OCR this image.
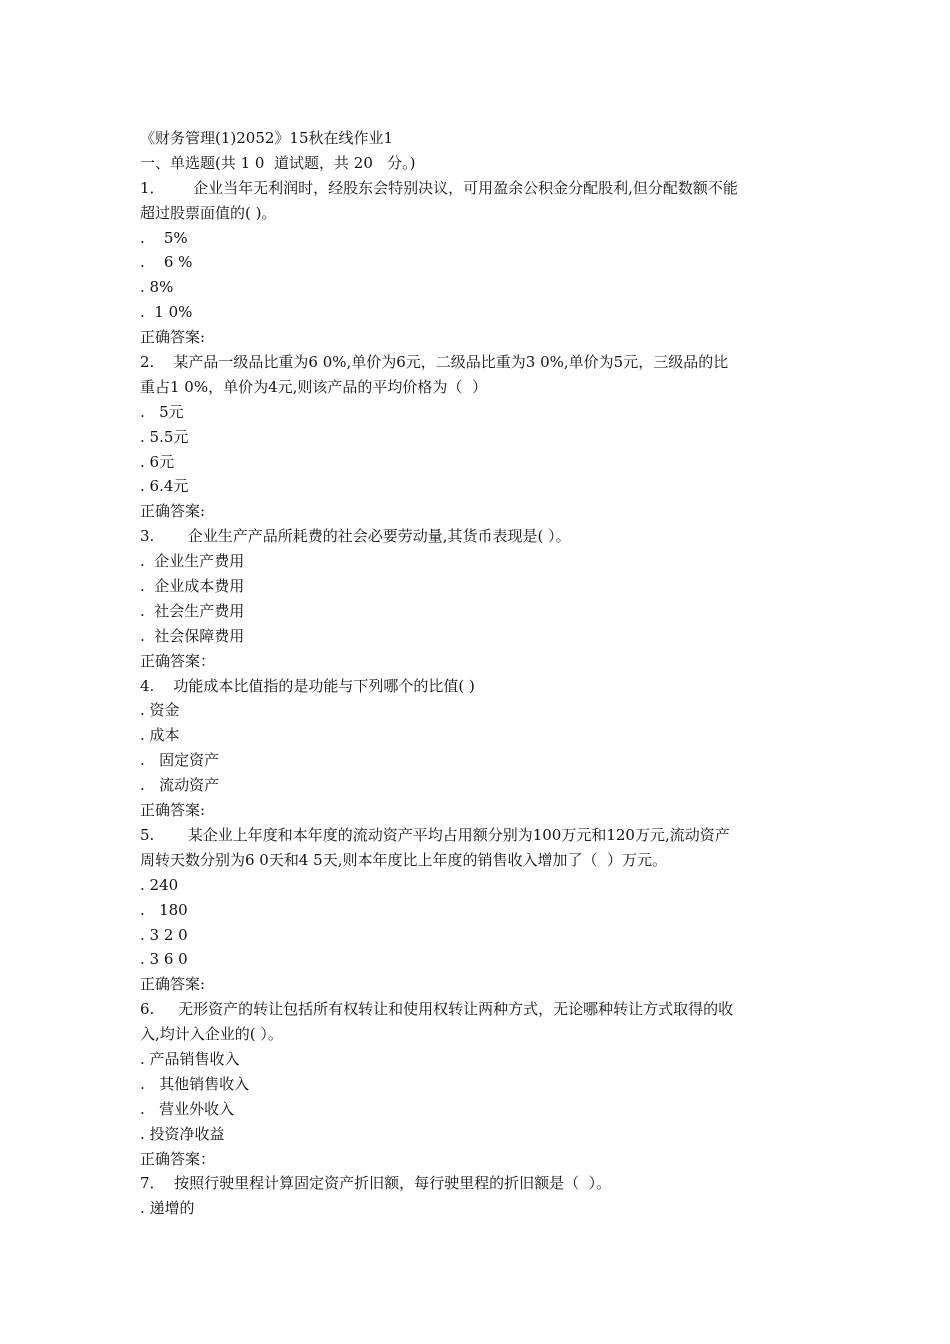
《财务管理(1)2052》15秋在线作业1
一、单选题(共 1 0  道试题，共 20   分。)
1．      企业当年无利润时，经股东会特别决议，可用盈余公积金分配股利,但分配数额不能
超过股票面值的( )。
.    5%
.    6 %
. 8%
.  1 0%
正确答案:
2.    某产品一级品比重为6 0%,单价为6元，二级品比重为3 0%,单价为5元，三级品的比
重占1 0%，单价为4元,则该产品的平均价格为（  ）
.   5元
. 5.5元
. 6元
. 6.4元
正确答案:
3.       企业生产产品所耗费的社会必要劳动量,其货币表现是( ）。
.  企业生产费用
.  企业成本费用
.  社会生产费用
.  社会保障费用
正确答案：
4.    功能成本比值指的是功能与下列哪个的比值( )
. 资金
. 成本
.   固定资产
.   流动资产
正确答案:
5.       某企业上年度和本年度的流动资产平均占用额分别为100万元和120万元,流动资产
周转天数分别为6 0天和4 5天,则本年度比上年度的销售收入增加了（  ）万元。
. 240
.   180
. 3 2 0
. 3 6 0
正确答案:
6.     无形资产的转让包括所有权转让和使用权转让两种方式，无论哪种转让方式取得的收
入,均计入企业的( ）。
. 产品销售收入
.   其他销售收入
.   营业外收入
. 投资净收益
正确答案：
7．  按照行驶里程计算固定资产折旧额，每行驶里程的折旧额是（  ）。
. 递增的
